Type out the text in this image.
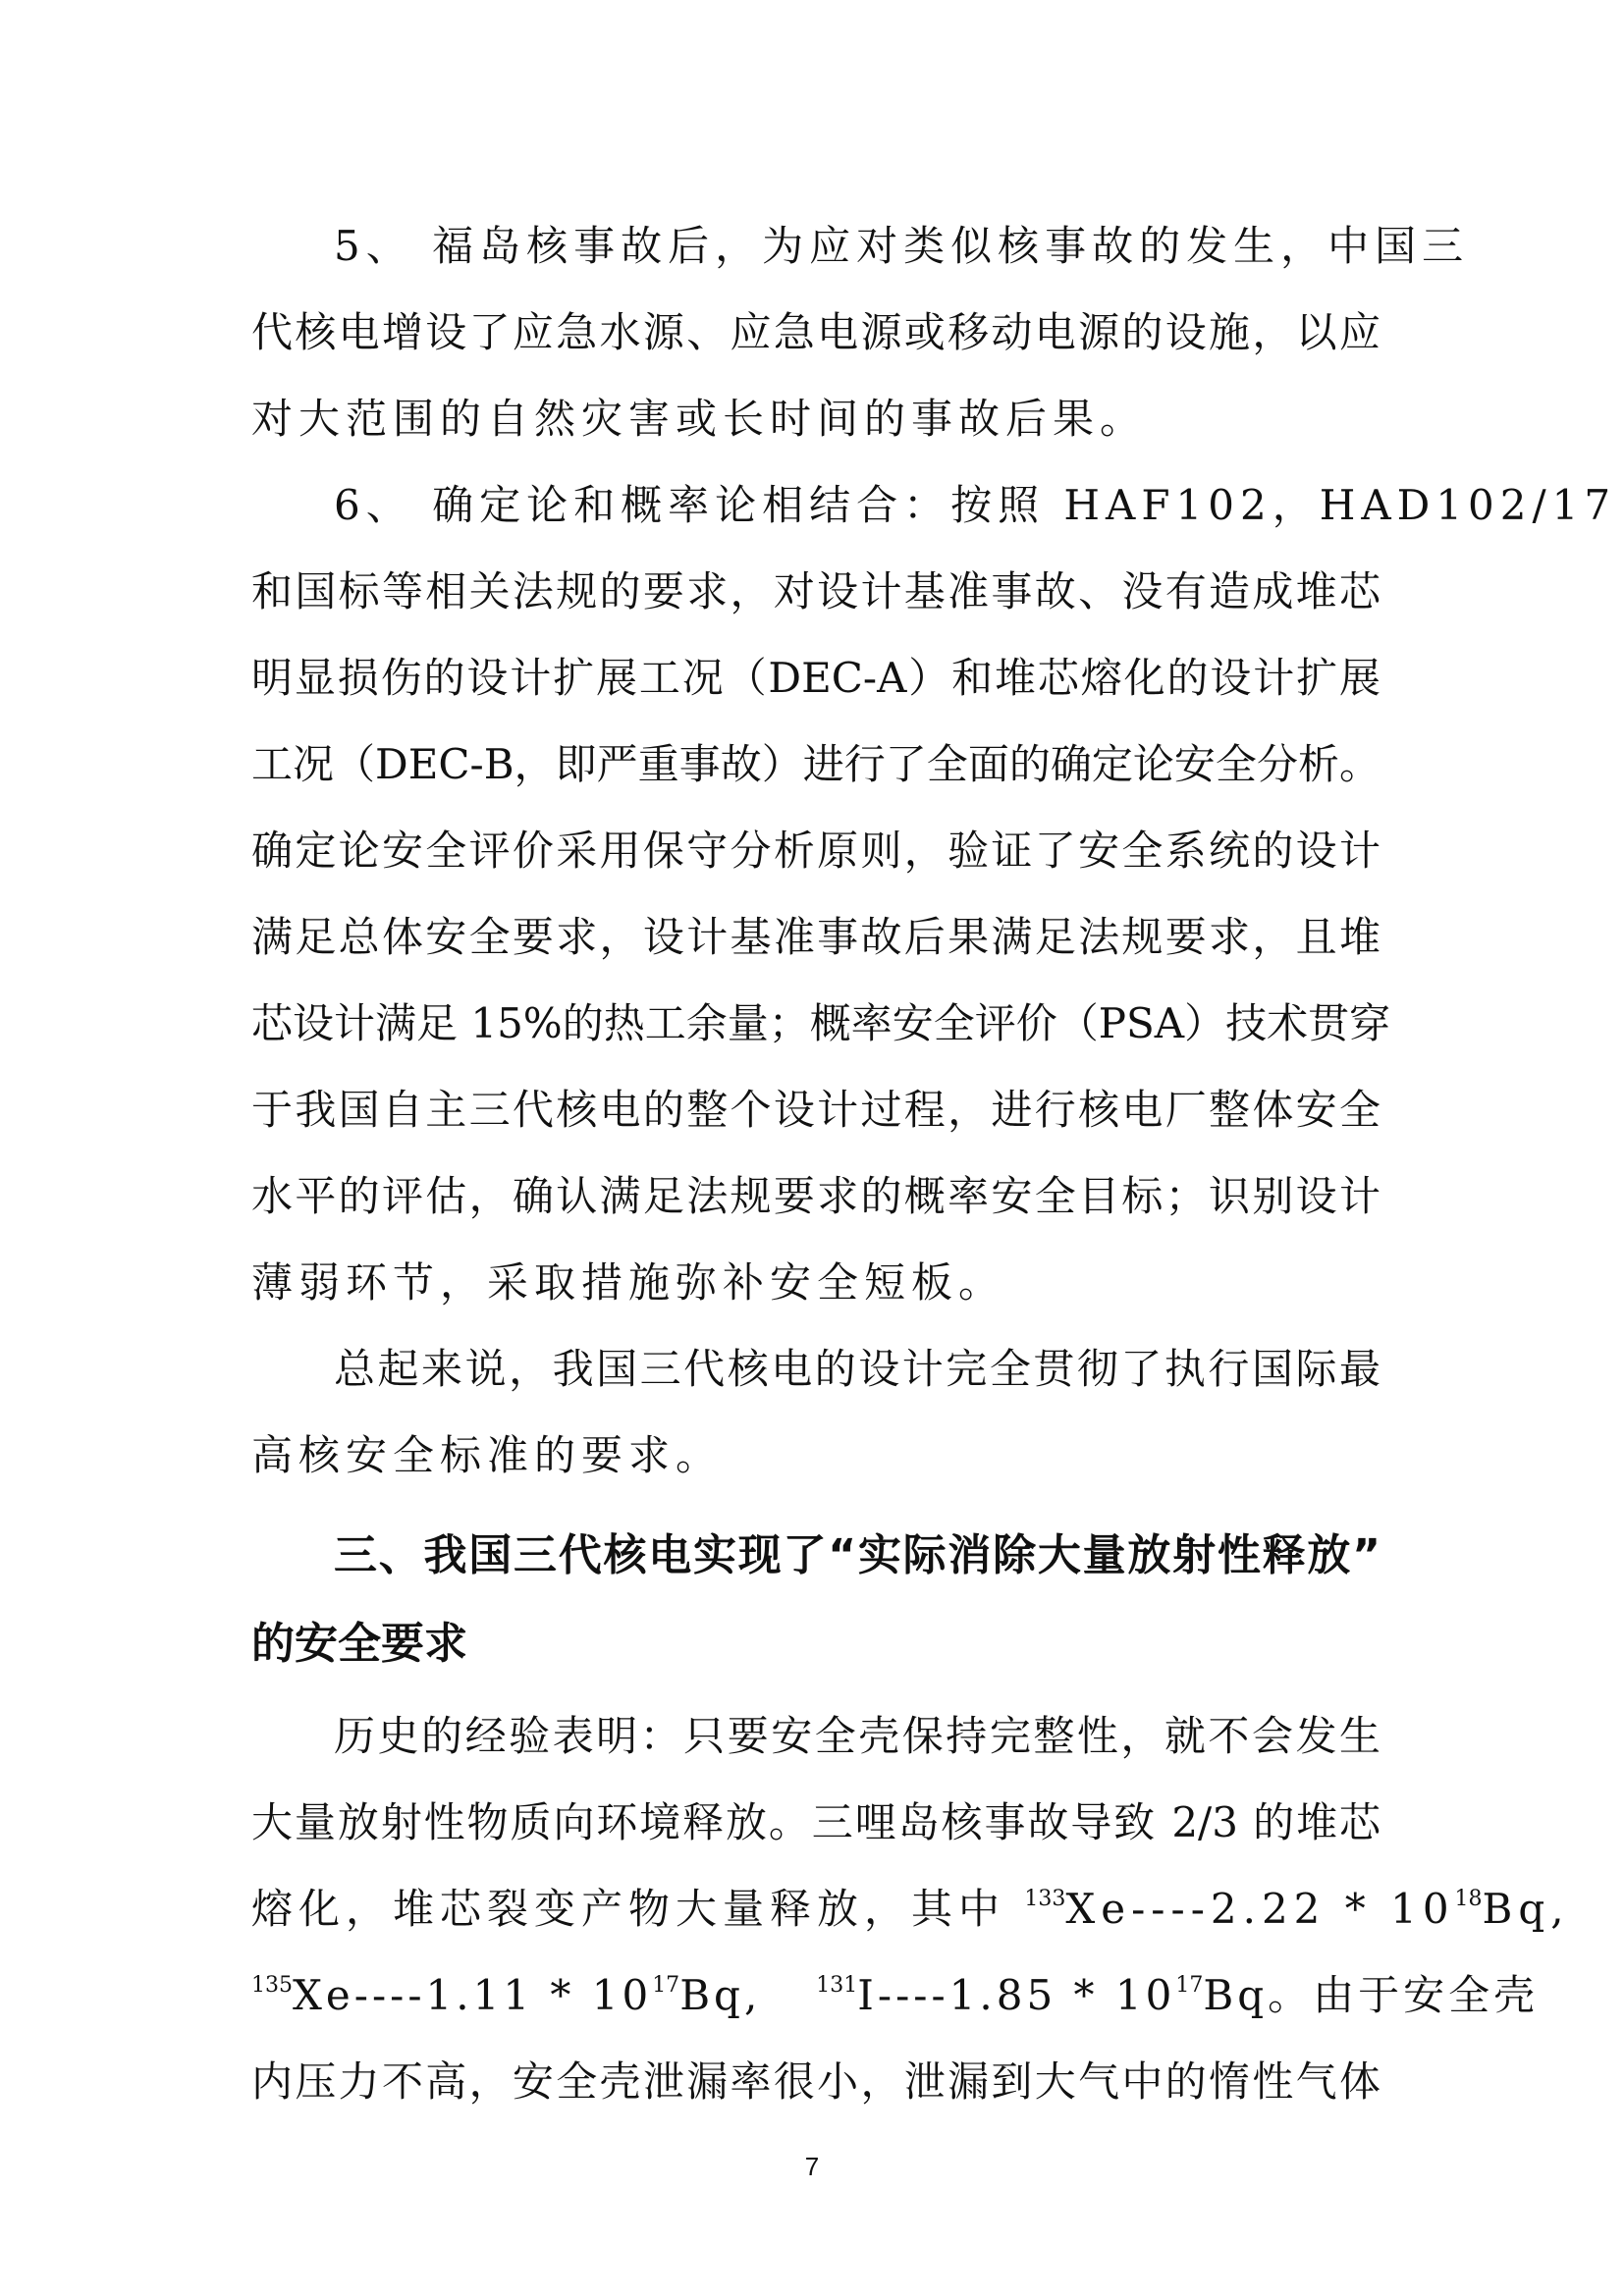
5、 福岛核事故后，为应对类似核事故的发生，中国三
代核电增设了应急水源、应急电源或移动电源的设施，以应
对大范围的自然灾害或长时间的事故后果。
6、 确定论和概率论相结合：按照 HAF102，HAD102/17
和国标等相关法规的要求，对设计基准事故、没有造成堆芯
明显损伤的设计扩展工况（DEC-A）和堆芯熔化的设计扩展
工况（DEC-B，即严重事故）进行了全面的确定论安全分析。
确定论安全评价采用保守分析原则，验证了安全系统的设计
满足总体安全要求，设计基准事故后果满足法规要求，且堆
芯设计满足 15%的热工余量；概率安全评价（PSA）技术贯穿
于我国自主三代核电的整个设计过程，进行核电厂整体安全
水平的评估，确认满足法规要求的概率安全目标；识别设计
薄弱环节，采取措施弥补安全短板。
总起来说，我国三代核电的设计完全贯彻了执行国际最
高核安全标准的要求。
三、我国三代核电实现了“实际消除大量放射性释放”
的安全要求
历史的经验表明：只要安全壳保持完整性，就不会发生
大量放射性物质向环境释放。三哩岛核事故导致 2/3 的堆芯
熔化，堆芯裂变产物大量释放，其中 $^{133}Xe----2.22 * 10^{18}Bq$,
$^{135}Xe----1.11 * 10^{17}Bq$,	$^{131}I----1.85 * 10^{17}Bq$。由于安全壳
内压力不高，安全壳泄漏率很小，泄漏到大气中的惰性气体
7
